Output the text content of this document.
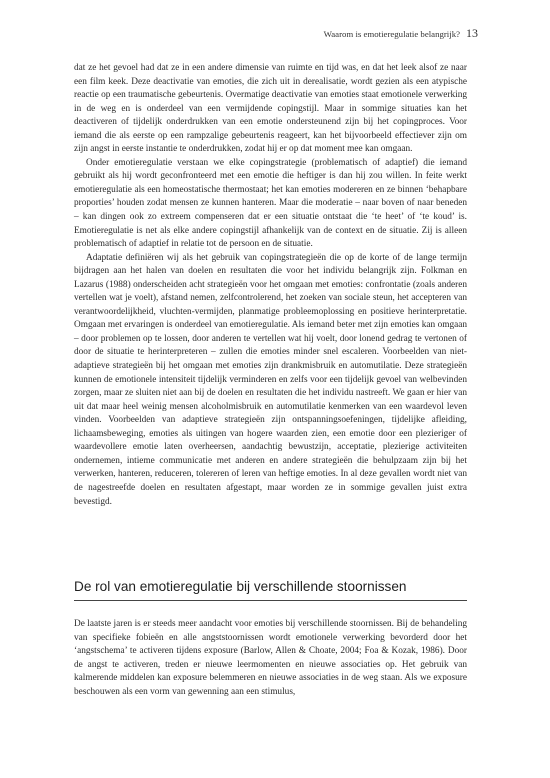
Waarom is emotieregulatie belangrijk? 13

dat ze het gevoel had dat ze in een andere dimensie van ruimte en tijd was, en dat het leek alsof ze naar een film keek. Deze deactivatie van emoties, die zich uit in derealisatie, wordt gezien als een atypische reactie op een traumatische gebeurtenis. Overmatige deactivatie van emoties staat emotionele verwerking in de weg en is onderdeel van een vermijdende copingstijl. Maar in sommige situaties kan het deactiveren of tijdelijk onderdrukken van een emotie ondersteunend zijn bij het copingproces. Voor iemand die als eerste op een rampzalige gebeurtenis reageert, kan het bijvoorbeeld effectiever zijn om zijn angst in eerste instantie te onderdrukken, zodat hij er op dat moment mee kan omgaan.

Onder emotieregulatie verstaan we elke copingstrategie (problematisch of adaptief) die iemand gebruikt als hij wordt geconfronteerd met een emotie die heftiger is dan hij zou willen. In feite werkt emotieregulatie als een homeostatische thermostaat; het kan emoties modereren en ze binnen ‘behapbare proporties’ houden zodat mensen ze kunnen hanteren. Maar die moderatie – naar boven of naar beneden – kan dingen ook zo extreem compenseren dat er een situatie ontstaat die ‘te heet’ of ‘te koud’ is. Emotieregulatie is net als elke andere copingstijl afhankelijk van de context en de situatie. Zij is alleen problematisch of adaptief in relatie tot de persoon en de situatie.

Adaptatie definiëren wij als het gebruik van copingstrategieën die op de korte of de lange termijn bijdragen aan het halen van doelen en resultaten die voor het individu belangrijk zijn. Folkman en Lazarus (1988) onderscheiden acht strategieën voor het omgaan met emoties: confrontatie (zoals anderen vertellen wat je voelt), afstand nemen, zelfcontrolerend, het zoeken van sociale steun, het accepteren van verantwoordelijkheid, vluchten-vermijden, planmatige probleemoplossing en positieve herinterpretatie. Omgaan met ervaringen is onderdeel van emotieregulatie. Als iemand beter met zijn emoties kan omgaan – door problemen op te lossen, door anderen te vertellen wat hij voelt, door lonend gedrag te vertonen of door de situatie te herinterpreteren – zullen die emoties minder snel escaleren. Voorbeelden van niet-adaptieve strategieën bij het omgaan met emoties zijn drankmisbruik en automutilatie. Deze strategieën kunnen de emotionele intensiteit tijdelijk verminderen en zelfs voor een tijdelijk gevoel van welbevinden zorgen, maar ze sluiten niet aan bij de doelen en resultaten die het individu nastreeft. We gaan er hier van uit dat maar heel weinig mensen alcoholmisbruik en automutilatie kenmerken van een waardevol leven vinden. Voorbeelden van adaptieve strategieën zijn ontspanningsoefeningen, tijdelijke afleiding, lichaamsbeweging, emoties als uitingen van hogere waarden zien, een emotie door een plezieriger of waardevollere emotie laten overheersen, aandachtig bewustzijn, acceptatie, plezierige activiteiten ondernemen, intieme communicatie met anderen en andere strategieën die behulpzaam zijn bij het verwerken, hanteren, reduceren, tolereren of leren van heftige emoties. In al deze gevallen wordt niet van de nagestreefde doelen en resultaten afgestapt, maar worden ze in sommige gevallen juist extra bevestigd.

De rol van emotieregulatie bij verschillende stoornissen

De laatste jaren is er steeds meer aandacht voor emoties bij verschillende stoornissen. Bij de behandeling van specifieke fobieën en alle angststoornissen wordt emotionele verwerking bevorderd door het ‘angstschema’ te activeren tijdens exposure (Barlow, Allen & Choate, 2004; Foa & Kozak, 1986). Door de angst te activeren, treden er nieuwe leermomenten en nieuwe associaties op. Het gebruik van kalmerende middelen kan exposure belemmeren en nieuwe associaties in de weg staan. Als we exposure beschouwen als een vorm van gewenning aan een stimulus,
